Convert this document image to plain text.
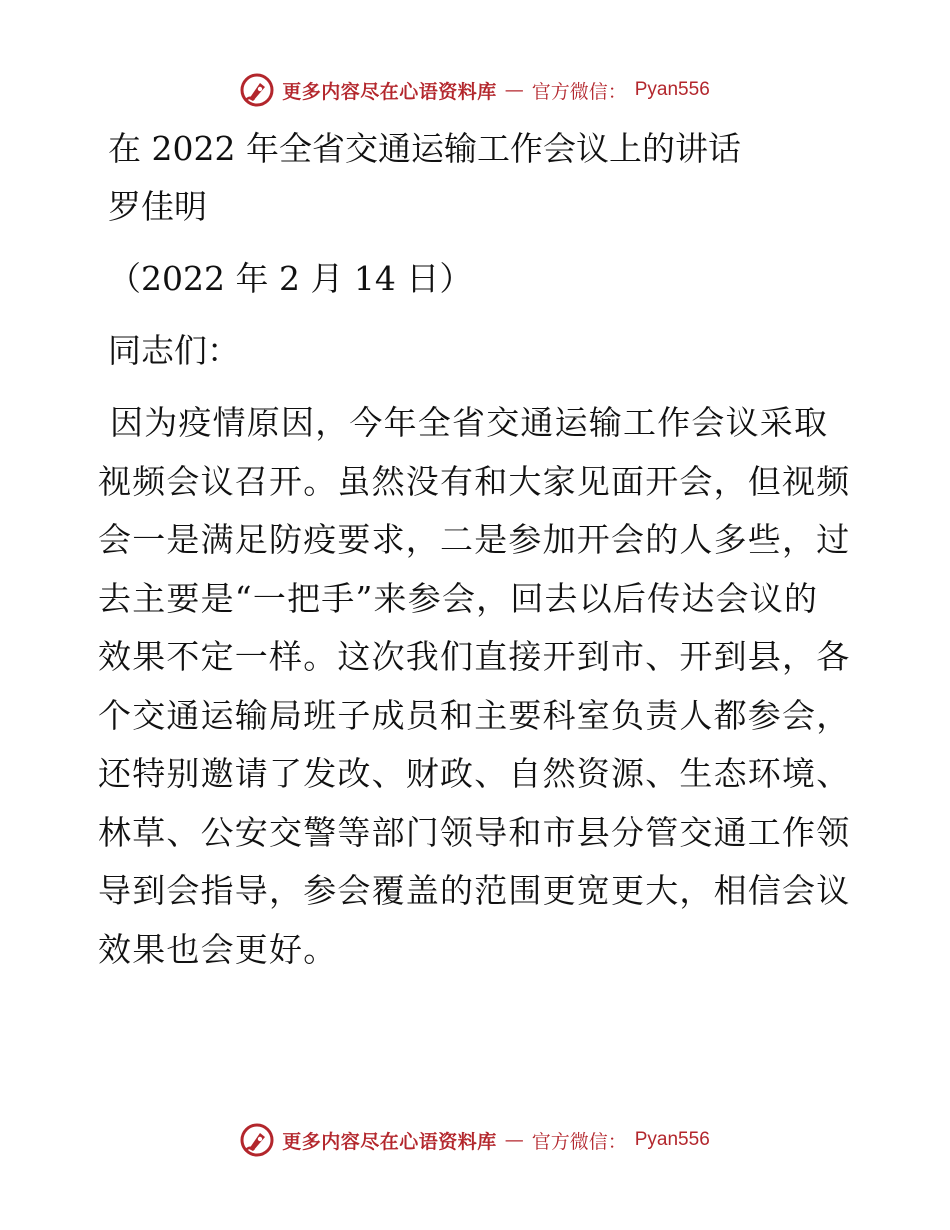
更多内容尽在心语资料库 — 官方微信： Pyan556

在 2022 年全省交通运输工作会议上的讲话

罗佳明

（2022 年 2 月 14 日）

同志们：

因为疫情原因，今年全省交通运输工作会议采取
视频会议召开。虽然没有和大家见面开会，但视频
会一是满足防疫要求，二是参加开会的人多些，过
去主要是“一把手”来参会，回去以后传达会议的
效果不定一样。这次我们直接开到市、开到县，各
个交通运输局班子成员和主要科室负责人都参会，
还特别邀请了发改、财政、自然资源、生态环境、
林草、公安交警等部门领导和市县分管交通工作领
导到会指导，参会覆盖的范围更宽更大，相信会议
效果也会更好。
更多内容尽在心语资料库 — 官方微信： Pyan556
